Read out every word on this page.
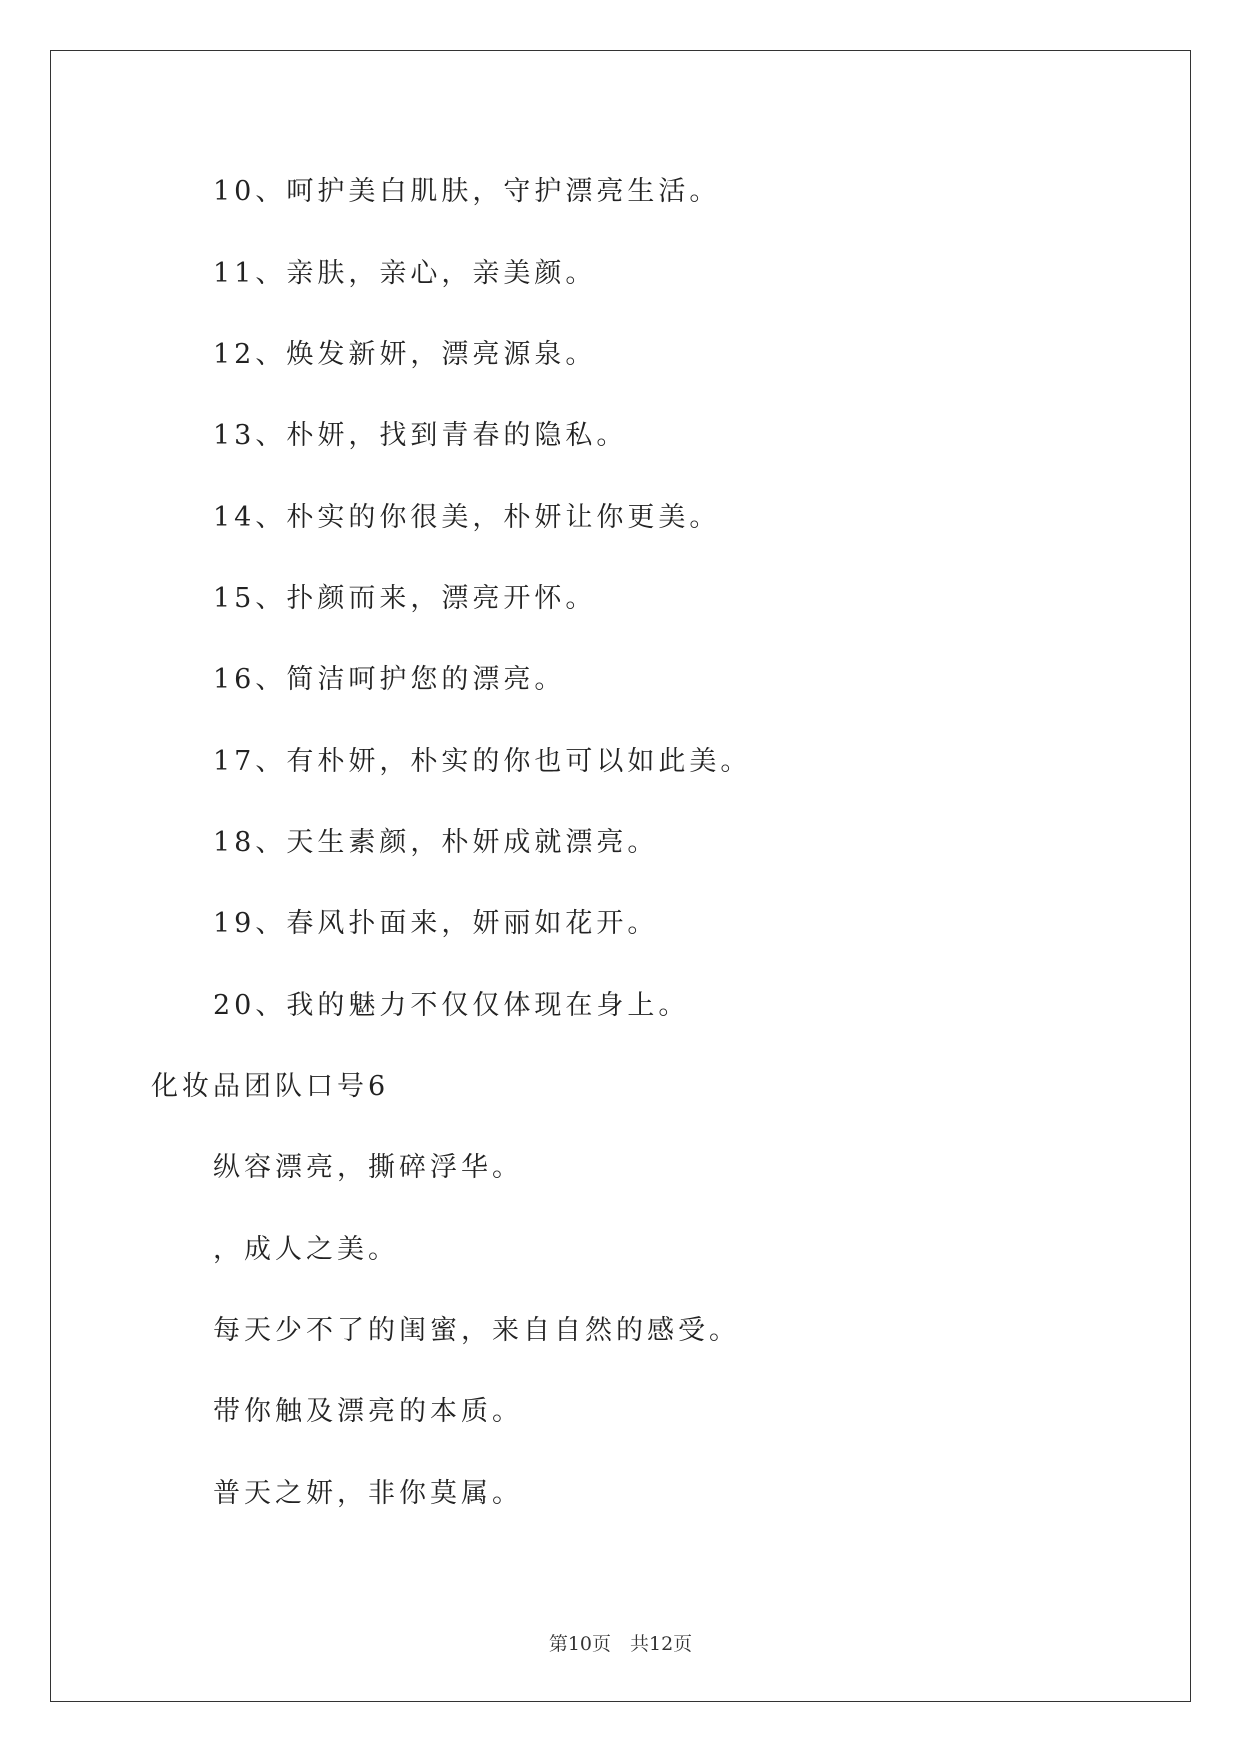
10、呵护美白肌肤，守护漂亮生活。
11、亲肤，亲心，亲美颜。
12、焕发新妍，漂亮源泉。
13、朴妍，找到青春的隐私。
14、朴实的你很美，朴妍让你更美。
15、扑颜而来，漂亮开怀。
16、简洁呵护您的漂亮。
17、有朴妍，朴实的你也可以如此美。
18、天生素颜，朴妍成就漂亮。
19、春风扑面来，妍丽如花开。
20、我的魅力不仅仅体现在身上。
化妆品团队口号6
纵容漂亮，撕碎浮华。
，成人之美。
每天少不了的闺蜜，来自自然的感受。
带你触及漂亮的本质。
普天之妍，非你莫属。
第10页　共12页
